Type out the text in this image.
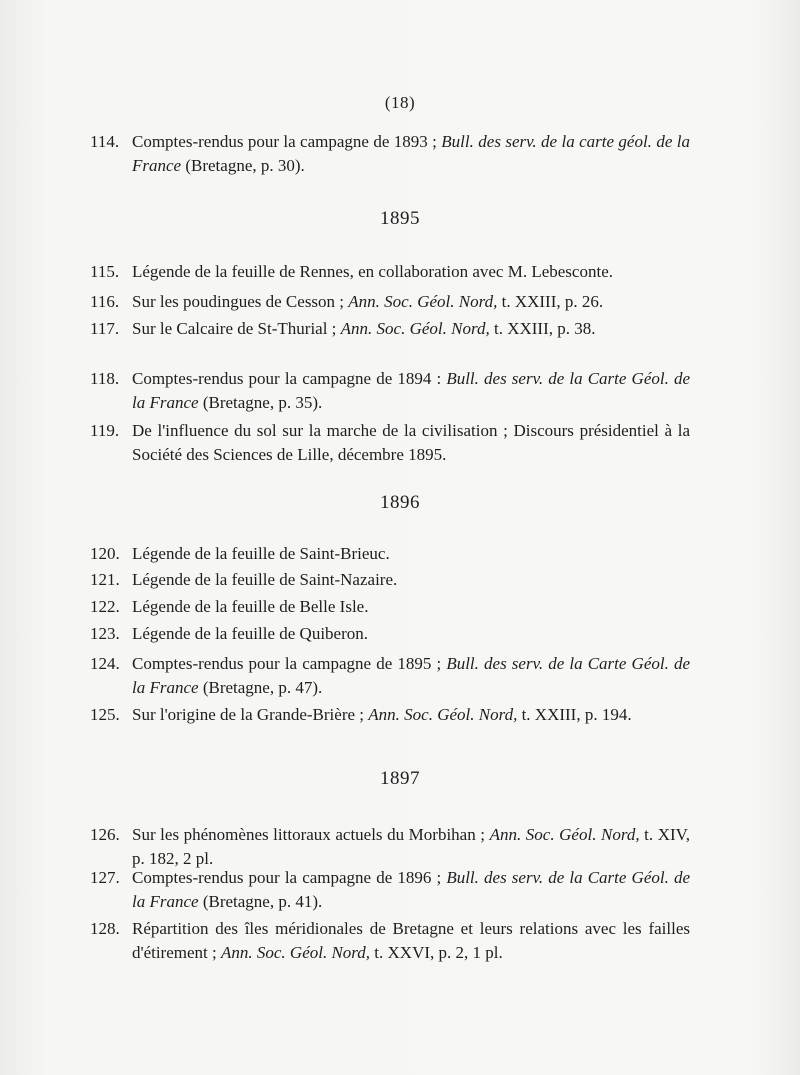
(18)
114. Comptes-rendus pour la campagne de 1893 ; Bull. des serv. de la carte géol. de la France (Bretagne, p. 30).
1895
115. Légende de la feuille de Rennes, en collaboration avec M. Lebesconte.
116. Sur les poudingues de Cesson ; Ann. Soc. Géol. Nord, t. XXIII, p. 26.
117. Sur le Calcaire de St-Thurial ; Ann. Soc. Géol. Nord, t. XXIII, p. 38.
118. Comptes-rendus pour la campagne de 1894 : Bull. des serv. de la Carte Géol. de la France (Bretagne, p. 35).
119. De l'influence du sol sur la marche de la civilisation ; Discours présidentiel à la Société des Sciences de Lille, décembre 1895.
1896
120. Légende de la feuille de Saint-Brieuc.
121. Légende de la feuille de Saint-Nazaire.
122. Légende de la feuille de Belle Isle.
123. Légende de la feuille de Quiberon.
124. Comptes-rendus pour la campagne de 1895 ; Bull. des serv. de la Carte Géol. de la France (Bretagne, p. 47).
125. Sur l'origine de la Grande-Brière ; Ann. Soc. Géol. Nord, t. XXIII, p. 194.
1897
126. Sur les phénomènes littoraux actuels du Morbihan ; Ann. Soc. Géol. Nord, t. XIV, p. 182, 2 pl.
127. Comptes-rendus pour la campagne de 1896 ; Bull. des serv. de la Carte Géol. de la France (Bretagne, p. 41).
128. Répartition des îles méridionales de Bretagne et leurs relations avec les failles d'étirement ; Ann. Soc. Géol. Nord, t. XXVI, p. 2, 1 pl.
